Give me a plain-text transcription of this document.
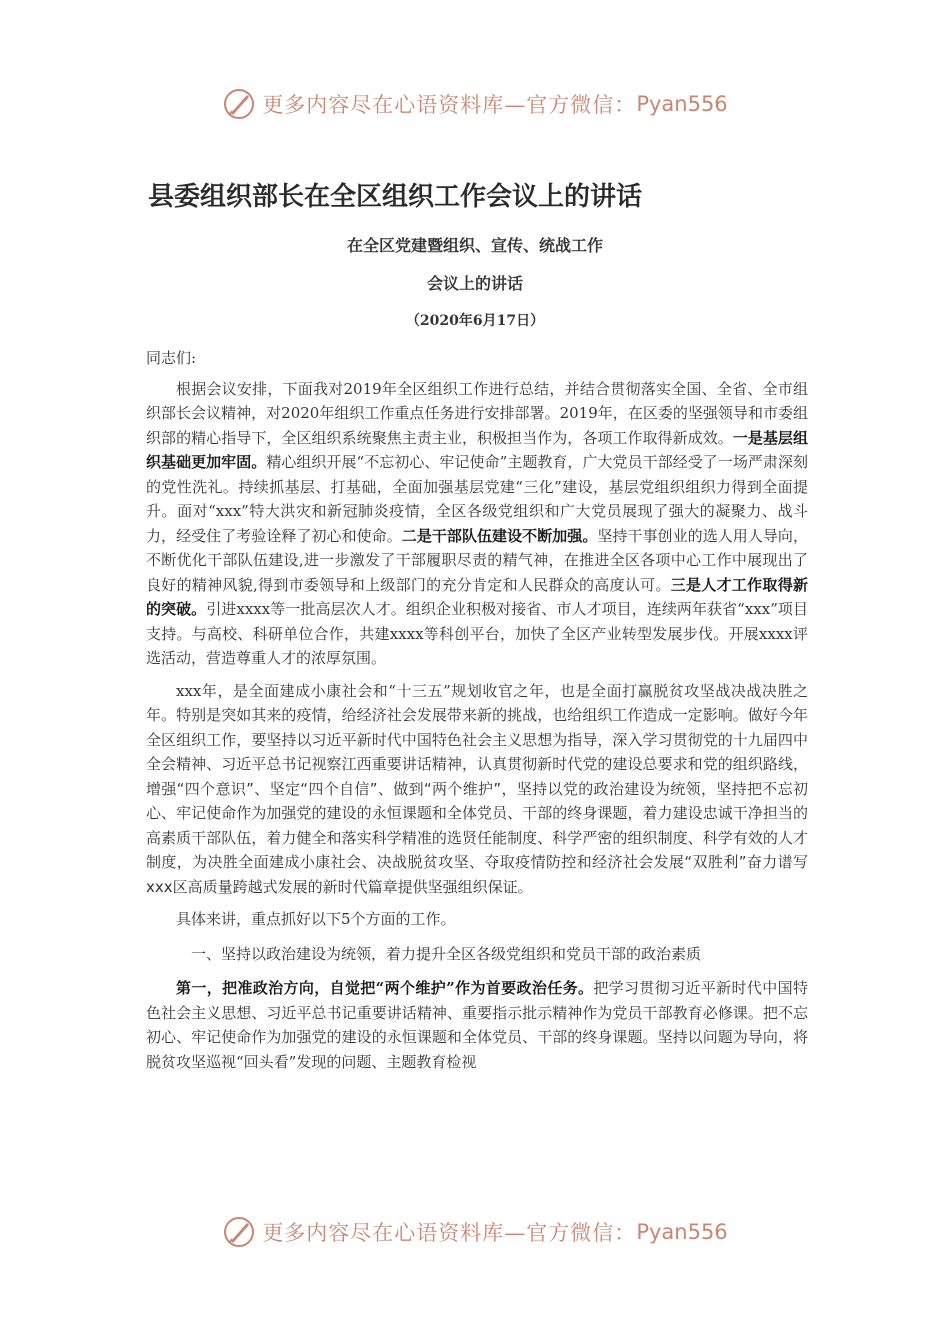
更多内容尽在心语资料库—官方微信： Pyan556
县委组织部长在全区组织工作会议上的讲话
在全区党建暨组织、宣传、统战工作
会议上的讲话
（2020年6月17日）

同志们:

根据会议安排，下面我对2019年全区组织工作进行总结，并结合贯彻落实全国、全省、全市组织部长会议精神，对2020年组织工作重点任务进行安排部署。2019年，在区委的坚强领导和市委组织部的精心指导下，全区组织系统聚焦主责主业，积极担当作为，各项工作取得新成效。一是基层组织基础更加牢固。精心组织开展“不忘初心、牢记使命”主题教育，广大党员干部经受了一场严肃深刻的党性洗礼。持续抓基层、打基础，全面加强基层党建“三化”建设，基层党组织组织力得到全面提升。面对“xxx”特大洪灾和新冠肺炎疫情，全区各级党组织和广大党员展现了强大的凝聚力、战斗力，经受住了考验诠释了初心和使命。二是干部队伍建设不断加强。坚持干事创业的选人用人导向，不断优化干部队伍建设,进一步激发了干部履职尽责的精气神，在推进全区各项中心工作中展现出了良好的精神风貌,得到市委领导和上级部门的充分肯定和人民群众的高度认可。三是人才工作取得新的突破。引进xxxx等一批高层次人才。组织企业积极对接省、市人才项目，连续两年获省“xxx”项目支持。与高校、科研单位合作，共建xxxx等科创平台，加快了全区产业转型发展步伐。开展xxxx评选活动，营造尊重人才的浓厚氛围。

xxx年，是全面建成小康社会和“十三五”规划收官之年，也是全面打赢脱贫攻坚战决战决胜之年。特别是突如其来的疫情，给经济社会发展带来新的挑战，也给组织工作造成一定影响。做好今年全区组织工作，要坚持以习近平新时代中国特色社会主义思想为指导，深入学习贯彻党的十九届四中全会精神、习近平总书记视察江西重要讲话精神，认真贯彻新时代党的建设总要求和党的组织路线，增强“四个意识”、坚定“四个自信”、做到“两个维护”，坚持以党的政治建设为统领，坚持把不忘初心、牢记使命作为加强党的建设的永恒课题和全体党员、干部的终身课题，着力建设忠诚干净担当的高素质干部队伍，着力健全和落实科学精准的选贤任能制度、科学严密的组织制度、科学有效的人才制度，为决胜全面建成小康社会、决战脱贫攻坚、夺取疫情防控和经济社会发展“双胜利”奋力谱写xxx区高质量跨越式发展的新时代篇章提供坚强组织保证。

具体来讲，重点抓好以下5个方面的工作。

一、坚持以政治建设为统领，着力提升全区各级党组织和党员干部的政治素质

第一，把准政治方向，自觉把“两个维护”作为首要政治任务。把学习贯彻习近平新时代中国特色社会主义思想、习近平总书记重要讲话精神、重要指示批示精神作为党员干部教育必修课。把不忘初心、牢记使命作为加强党的建设的永恒课题和全体党员、干部的终身课题。坚持以问题为导向，将脱贫攻坚巡视“回头看”发现的问题、主题教育检视

更多内容尽在心语资料库—官方微信： Pyan556
